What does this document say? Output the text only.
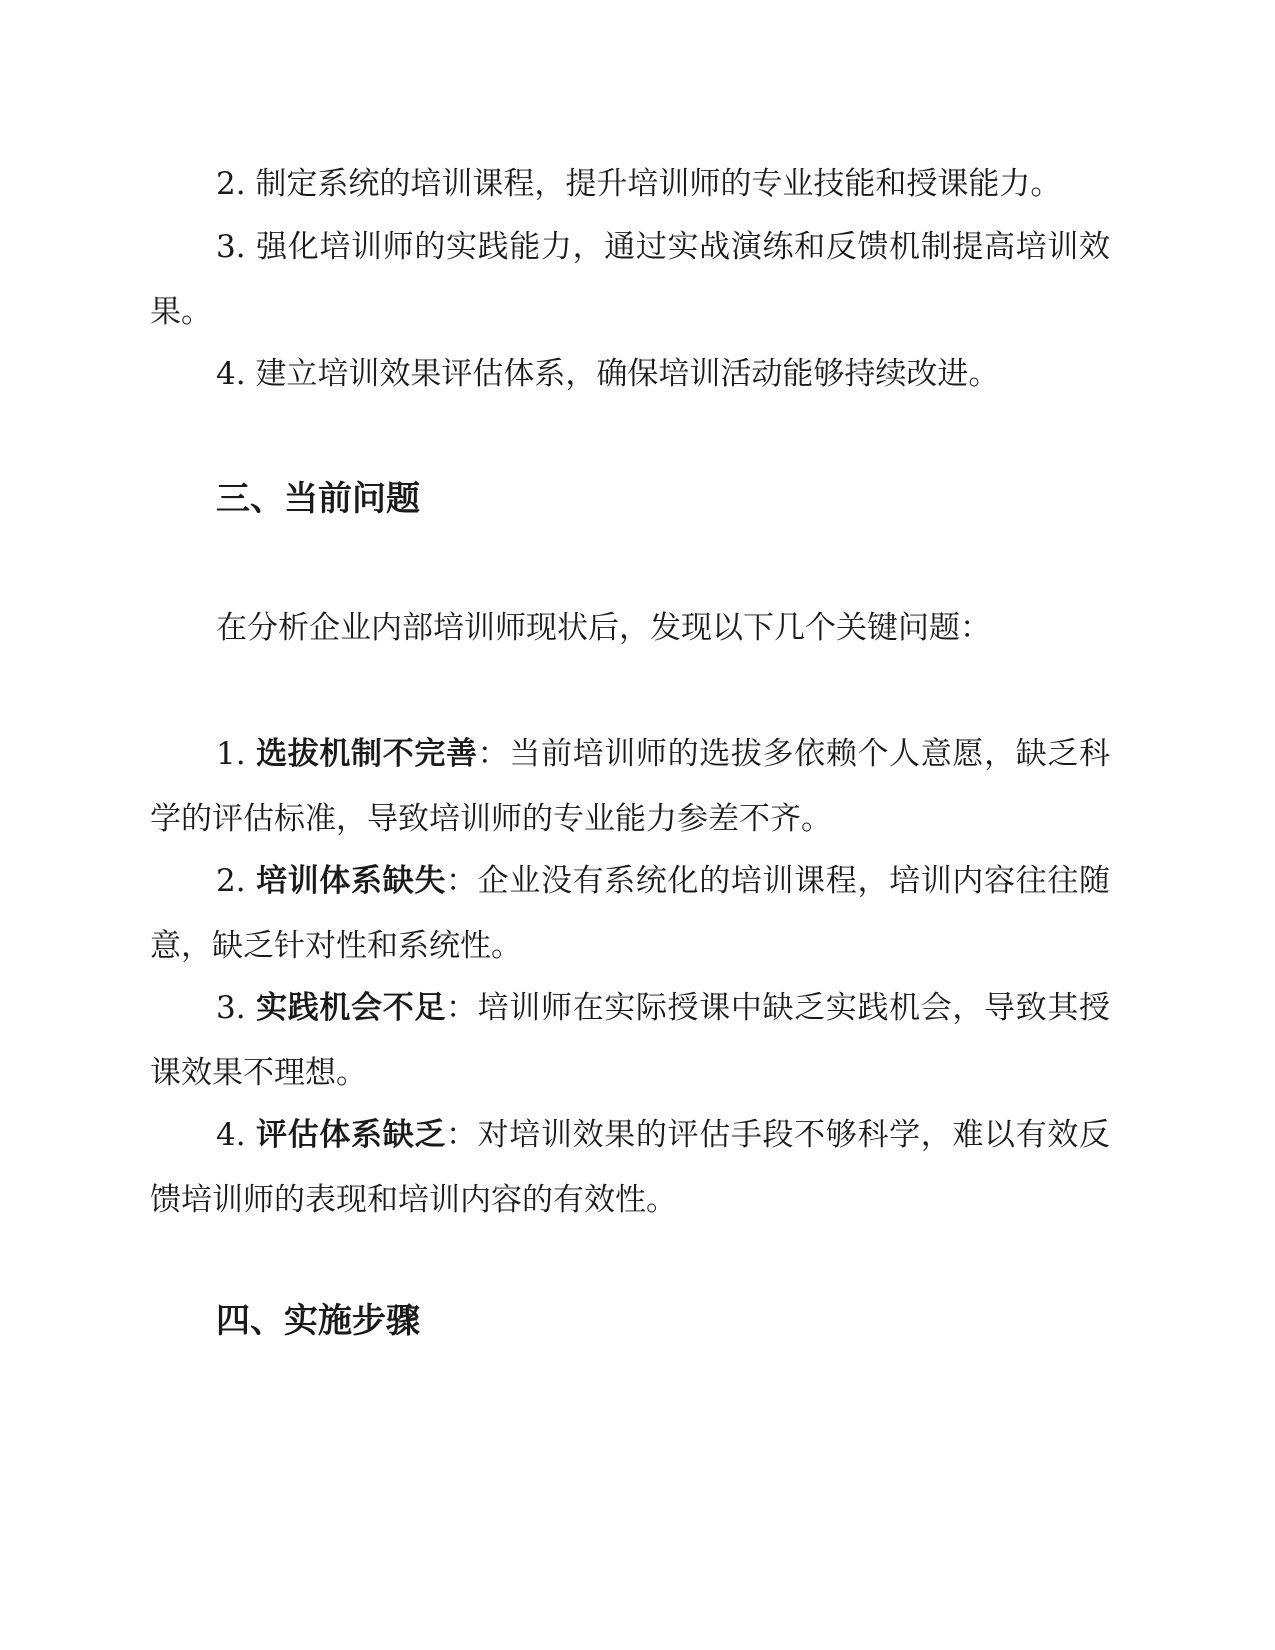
2. 制定系统的培训课程，提升培训师的专业技能和授课能力。

3. 强化培训师的实践能力，通过实战演练和反馈机制提高培训效果。

4. 建立培训效果评估体系，确保培训活动能够持续改进。

三、当前问题

在分析企业内部培训师现状后，发现以下几个关键问题：

1. 选拔机制不完善：当前培训师的选拔多依赖个人意愿，缺乏科学的评估标准，导致培训师的专业能力参差不齐。

2. 培训体系缺失：企业没有系统化的培训课程，培训内容往往随意，缺乏针对性和系统性。

3. 实践机会不足：培训师在实际授课中缺乏实践机会，导致其授课效果不理想。

4. 评估体系缺乏：对培训效果的评估手段不够科学，难以有效反馈培训师的表现和培训内容的有效性。

四、实施步骤
